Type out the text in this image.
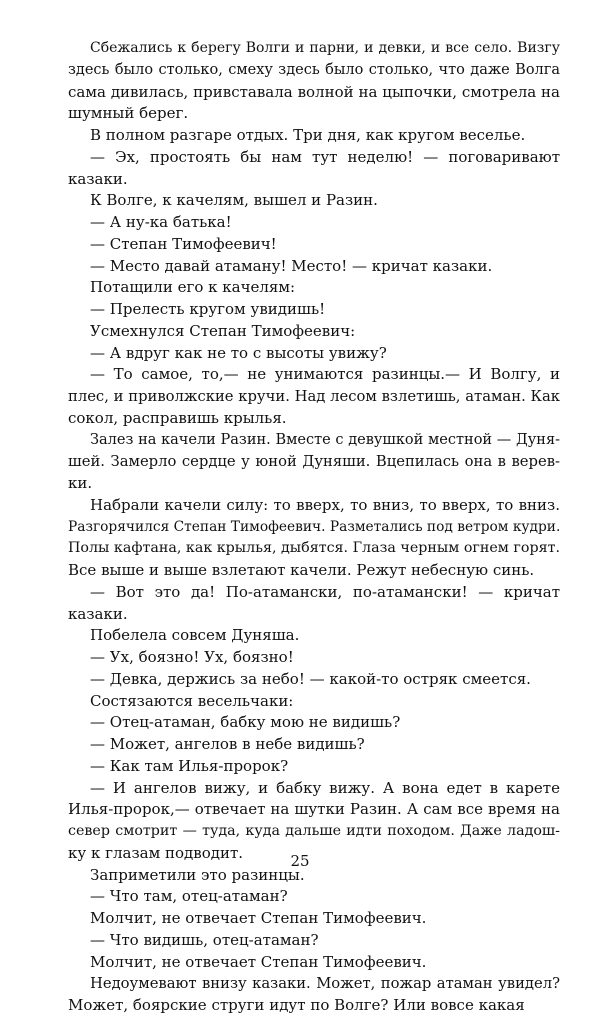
Сбежались к берегу Волги и парни, и девки, и все село. Визгу
здесь было столько, смеху здесь было столько, что даже Волга
сама дивилась, привставала волной на цыпочки, смотрела на
шумный берег.
В полном разгаре отдых. Три дня, как кругом веселье.
— Эх, простоять бы нам тут неделю! — поговаривают
казаки.
К Волге, к качелям, вышел и Разин.
— А ну-ка батька!
— Степан Тимофеевич!
— Место давай атаману! Место! — кричат казаки.
Потащили его к качелям:
— Прелесть кругом увидишь!
Усмехнулся Степан Тимофеевич:
— А вдруг как не то с высоты увижу?
— То самое, то,— не унимаются разинцы.— И Волгу, и
плес, и приволжские кручи. Над лесом взлетишь, атаман. Как
сокол, расправишь крылья.
Залез на качели Разин. Вместе с девушкой местной — Дуня-
шей. Замерло сердце у юной Дуняши. Вцепилась она в верев-
ки.
Набрали качели силу: то вверх, то вниз, то вверх, то вниз.
Разгорячился Степан Тимофеевич. Разметались под ветром кудри.
Полы кафтана, как крылья, дыбятся. Глаза черным огнем горят.
Все выше и выше взлетают качели. Режут небесную синь.
— Вот это да! По-атамански, по-атамански! — кричат
казаки.
Побелела совсем Дуняша.
— Ух, боязно! Ух, боязно!
— Девка, держись за небо! — какой-то остряк смеется.
Состязаются весельчаки:
— Отец-атаман, бабку мою не видишь?
— Может, ангелов в небе видишь?
— Как там Илья-пророк?
— И ангелов вижу, и бабку вижу. А вона едет в карете
Илья-пророк,— отвечает на шутки Разин. А сам все время на
север смотрит — туда, куда дальше идти походом. Даже ладош-
ку к глазам подводит.
Заприметили это разинцы.
— Что там, отец-атаман?
Молчит, не отвечает Степан Тимофеевич.
— Что видишь, отец-атаман?
Молчит, не отвечает Степан Тимофеевич.
Недоумевают внизу казаки. Может, пожар атаман увидел?
Может, боярские струги идут по Волге? Или вовсе какая
25
